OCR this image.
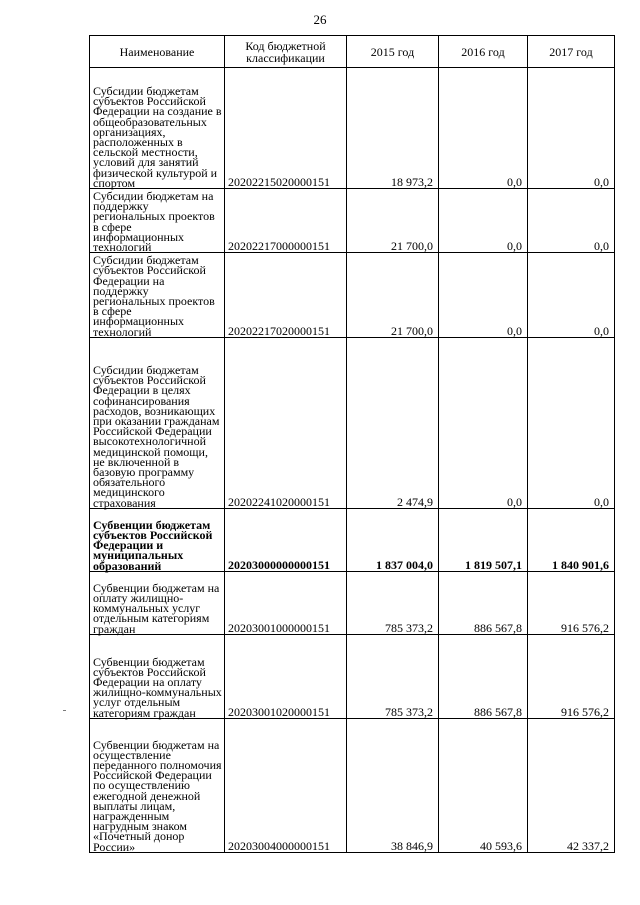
26
Наименование	Код бюджетной классификации	2015 год	2016 год	2017 год
Субсидии бюджетам субъектов Российской Федерации на создание в общеобразовательных организациях, расположенных в сельской местности, условий для занятий физической культурой и спортом	20202215020000151	18 973,2	0,0	0,0
Субсидии бюджетам на поддержку региональных проектов в сфере информационных технологий	20202217000000151	21 700,0	0,0	0,0
Субсидии бюджетам субъектов Российской Федерации на поддержку региональных проектов в сфере информационных технологий	20202217020000151	21 700,0	0,0	0,0
Субсидии бюджетам субъектов Российской Федерации в целях софинансирования расходов, возникающих при оказании гражданам Российской Федерации высокотехнологичной медицинской помощи, не включенной в базовую программу обязательного медицинского страхования	20202241020000151	2 474,9	0,0	0,0
Субвенции бюджетам субъектов Российской Федерации и муниципальных образований	20203000000000151	1 837 004,0	1 819 507,1	1 840 901,6
Субвенции бюджетам на оплату жилищно-коммунальных услуг отдельным категориям граждан	20203001000000151	785 373,2	886 567,8	916 576,2
Субвенции бюджетам субъектов Российской Федерации на оплату жилищно-коммунальных услуг отдельным категориям граждан	20203001020000151	785 373,2	886 567,8	916 576,2
Субвенции бюджетам на осуществление переданного полномочия Российской Федерации по осуществлению ежегодной денежной выплаты лицам, награжденным нагрудным знаком «Почетный донор России»	20203004000000151	38 846,9	40 593,6	42 337,2
